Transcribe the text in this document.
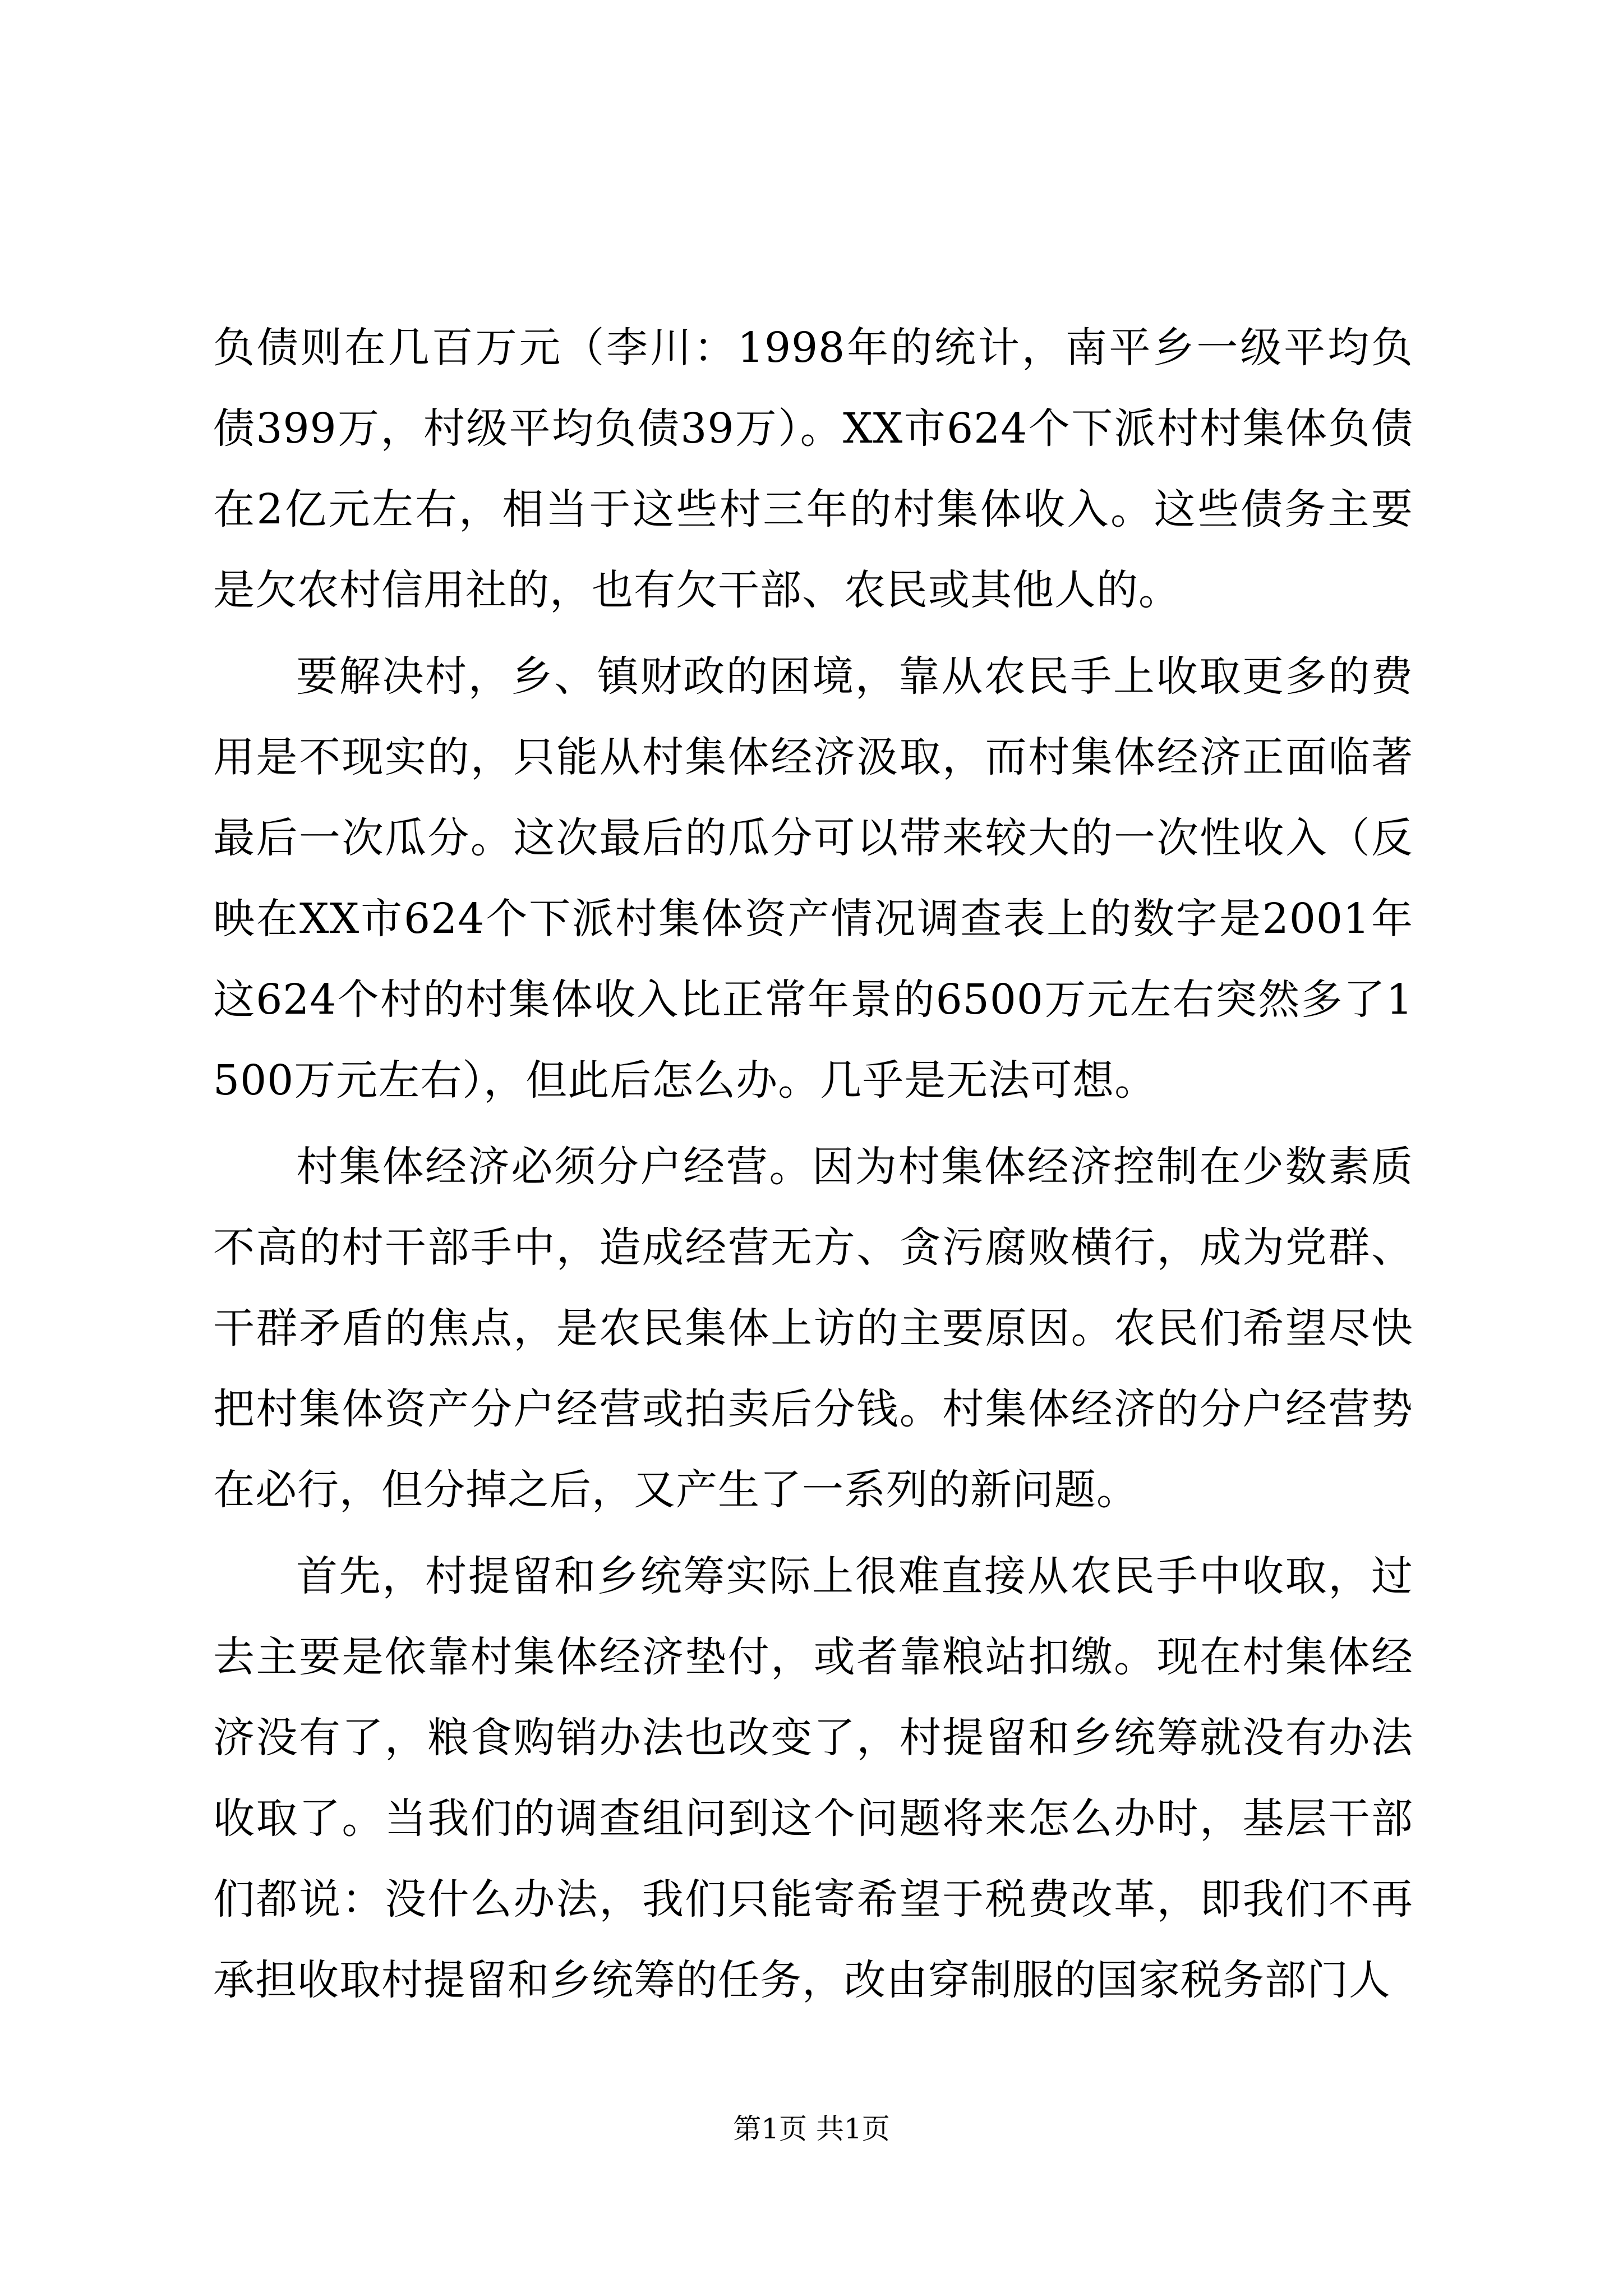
负债则在几百万元（李川：1998年的统计，南平乡一级平均负债399万，村级平均负债39万）。XX市624个下派村村集体负债在2亿元左右，相当于这些村三年的村集体收入。这些债务主要是欠农村信用社的，也有欠干部、农民或其他人的。

要解决村，乡、镇财政的困境，靠从农民手上收取更多的费用是不现实的，只能从村集体经济汲取，而村集体经济正面临著最后一次瓜分。这次最后的瓜分可以带来较大的一次性收入（反映在XX市624个下派村集体资产情况调查表上的数字是2001年这624个村的村集体收入比正常年景的6500万元左右突然多了1500万元左右），但此后怎么办。几乎是无法可想。

村集体经济必须分户经营。因为村集体经济控制在少数素质不高的村干部手中，造成经营无方、贪污腐败横行，成为党群、干群矛盾的焦点，是农民集体上访的主要原因。农民们希望尽快把村集体资产分户经营或拍卖后分钱。村集体经济的分户经营势在必行，但分掉之后，又产生了一系列的新问题。

首先，村提留和乡统筹实际上很难直接从农民手中收取，过去主要是依靠村集体经济垫付，或者靠粮站扣缴。现在村集体经济没有了，粮食购销办法也改变了，村提留和乡统筹就没有办法收取了。当我们的调查组问到这个问题将来怎么办时，基层干部们都说：没什么办法，我们只能寄希望于税费改革，即我们不再承担收取村提留和乡统筹的任务，改由穿制服的国家税务部门人

第1页 共1页
